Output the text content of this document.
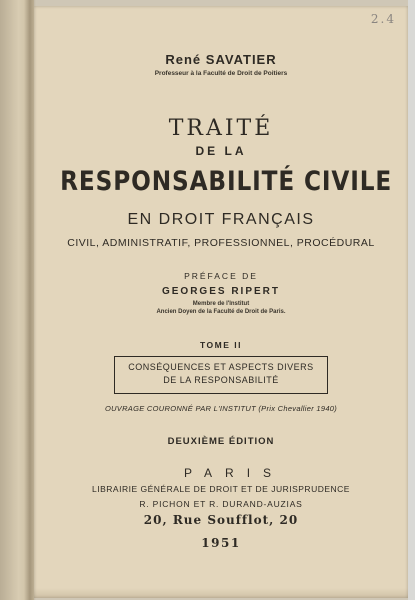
2.4
René SAVATIER
Professeur à la Faculté de Droit de Poitiers
TRAITÉ
DE LA
RESPONSABILITÉ CIVILE
EN DROIT FRANÇAIS
CIVIL, ADMINISTRATIF, PROFESSIONNEL, PROCÉDURAL
PRÉFACE DE
GEORGES RIPERT
Membre de l'Institut
Ancien Doyen de la Faculté de Droit de Paris.
TOME II
CONSÉQUENCES ET ASPECTS DIVERS
DE LA RESPONSABILITÉ
OUVRAGE COURONNÉ PAR L'INSTITUT (Prix Chevallier 1940)
DEUXIÈME ÉDITION
PARIS
LIBRAIRIE GÉNÉRALE DE DROIT ET DE JURISPRUDENCE
R. PICHON ET R. DURAND-AUZIAS
20, Rue Soufflot, 20
1951
